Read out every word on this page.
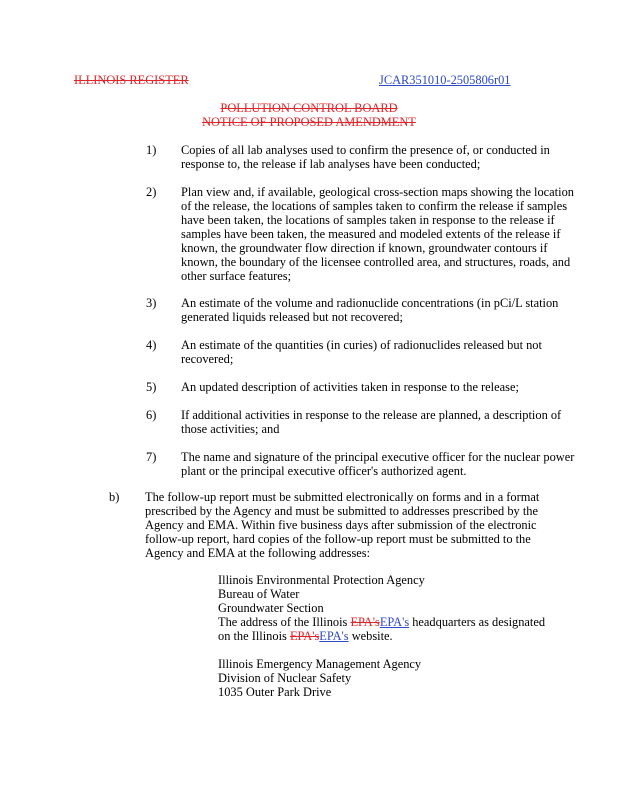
ILLINOIS REGISTER	JCAR351010-2505806r01
POLLUTION CONTROL BOARD
NOTICE OF PROPOSED AMENDMENT
1) Copies of all lab analyses used to confirm the presence of, or conducted in response to, the release if lab analyses have been conducted;
2) Plan view and, if available, geological cross-section maps showing the location of the release, the locations of samples taken to confirm the release if samples have been taken, the locations of samples taken in response to the release if samples have been taken, the measured and modeled extents of the release if known, the groundwater flow direction if known, groundwater contours if known, the boundary of the licensee controlled area, and structures, roads, and other surface features;
3) An estimate of the volume and radionuclide concentrations (in pCi/L station generated liquids released but not recovered;
4) An estimate of the quantities (in curies) of radionuclides released but not recovered;
5) An updated description of activities taken in response to the release;
6) If additional activities in response to the release are planned, a description of those activities; and
7) The name and signature of the principal executive officer for the nuclear power plant or the principal executive officer's authorized agent.
b) The follow-up report must be submitted electronically on forms and in a format prescribed by the Agency and must be submitted to addresses prescribed by the Agency and EMA. Within five business days after submission of the electronic follow-up report, hard copies of the follow-up report must be submitted to the Agency and EMA at the following addresses:
Illinois Environmental Protection Agency
Bureau of Water
Groundwater Section
The address of the Illinois EPA'sEPA's headquarters as designated
on the Illinois EPA'sEPA's website.
Illinois Emergency Management Agency
Division of Nuclear Safety
1035 Outer Park Drive
